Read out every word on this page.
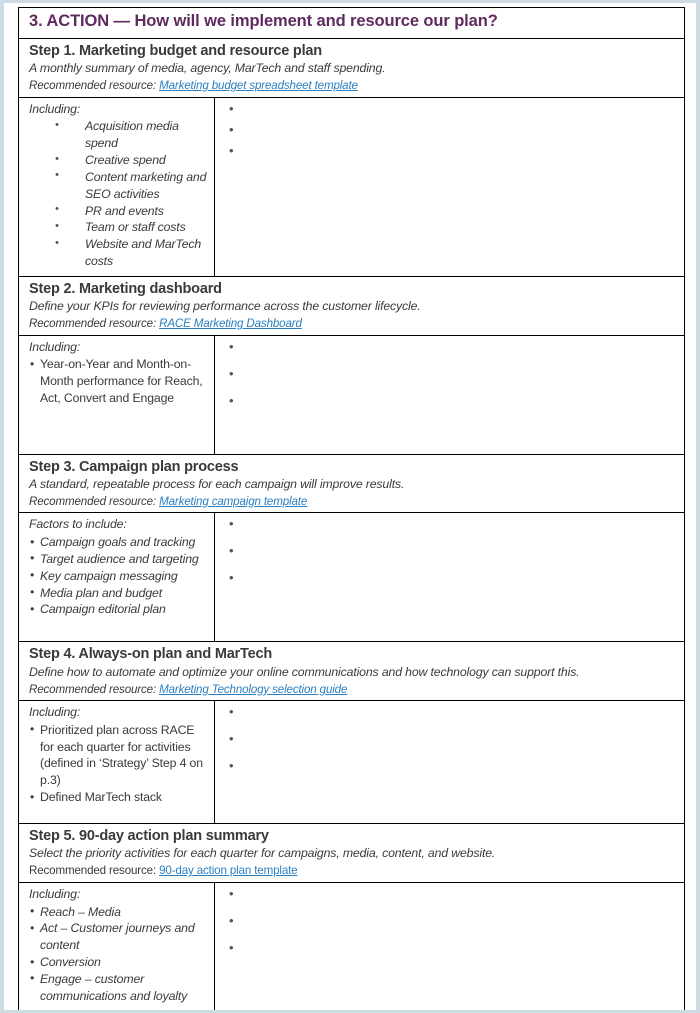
3. ACTION — How will we implement and resource our plan?
Step 1. Marketing budget and resource plan
A monthly summary of media, agency, MarTech and staff spending.
Recommended resource: Marketing budget spreadsheet template
Including:
• Acquisition media spend
• Creative spend
• Content marketing and SEO activities
• PR and events
• Team or staff costs
• Website and MarTech costs
•
•
•
Step 2. Marketing dashboard
Define your KPIs for reviewing performance across the customer lifecycle.
Recommended resource: RACE Marketing Dashboard
Including:
• Year-on-Year and Month-on-Month performance for Reach, Act, Convert and Engage
•
•
•
Step 3. Campaign plan process
A standard, repeatable process for each campaign will improve results.
Recommended resource: Marketing campaign template
Factors to include:
• Campaign goals and tracking
• Target audience and targeting
• Key campaign messaging
• Media plan and budget
• Campaign editorial plan
•
•
•
Step 4. Always-on plan and MarTech
Define how to automate and optimize your online communications and how technology can support this.
Recommended resource: Marketing Technology selection guide
Including:
• Prioritized plan across RACE for each quarter for activities (defined in ‘Strategy’ Step 4 on p.3)
• Defined MarTech stack
•
•
•
Step 5. 90-day action plan summary
Select the priority activities for each quarter for campaigns, media, content, and website.
Recommended resource: 90-day action plan template
Including:
• Reach – Media
• Act – Customer journeys and content
• Conversion
• Engage – customer communications and loyalty
•
•
•
